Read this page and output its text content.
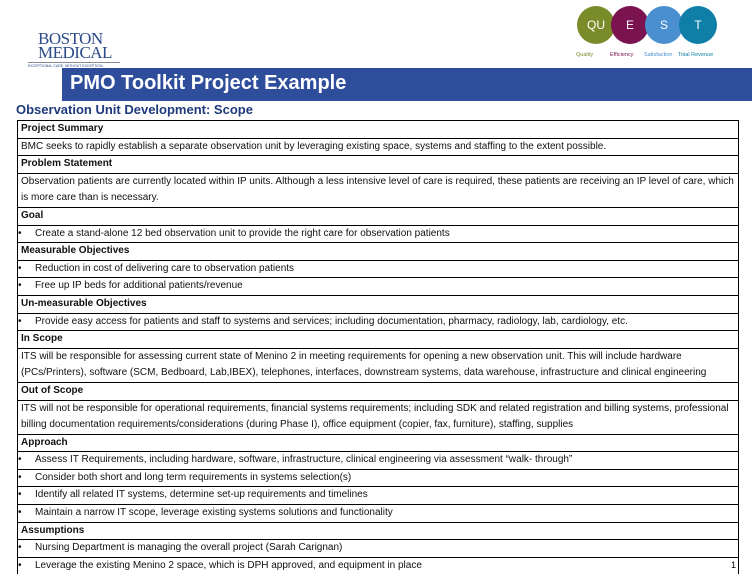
BOSTON
MEDICAL
EXCEPTIONAL CARE. WITHOUT EXCEPTION.
QU
Quality
E
Efficiency
S
Satisfaction
T
Total Revenue
PMO Toolkit Project Example
Observation Unit Development: Scope
Project Summary
BMC seeks to rapidly establish a separate observation unit by leveraging existing space, systems and staffing to the extent possible.
Problem Statement
Observation patients are currently located within IP units. Although a less intensive level of care is required, these patients are receiving an IP level of care, which is more care than is necessary.
Goal
• Create a stand-alone 12 bed observation unit to provide the right care for observation patients
Measurable Objectives
• Reduction in cost of delivering care to observation patients
• Free up IP beds for additional patients/revenue
Un-measurable Objectives
• Provide easy access for patients and staff to systems and services; including documentation, pharmacy, radiology, lab, cardiology, etc.
In Scope
ITS will be responsible for assessing current state of Menino 2 in meeting requirements for opening a new observation unit. This will include hardware (PCs/Printers), software (SCM, Bedboard, Lab,IBEX), telephones, interfaces, downstream systems, data warehouse, infrastructure and clinical engineering
Out of Scope
ITS will not be responsible for operational requirements, financial systems requirements; including SDK and related registration and billing systems, professional billing documentation requirements/considerations (during Phase I), office equipment (copier, fax, furniture), staffing, supplies
Approach
• Assess IT Requirements, including hardware, software, infrastructure, clinical engineering via assessment “walk- through”
• Consider both short and long term requirements in systems selection(s)
• Identify all related IT systems, determine set-up requirements and timelines
• Maintain a narrow IT scope, leverage existing systems solutions and functionality
Assumptions
• Nursing Department is managing the overall project (Sarah Carignan)
• Leverage the existing Menino 2 space, which is DPH approved, and equipment in place	1
